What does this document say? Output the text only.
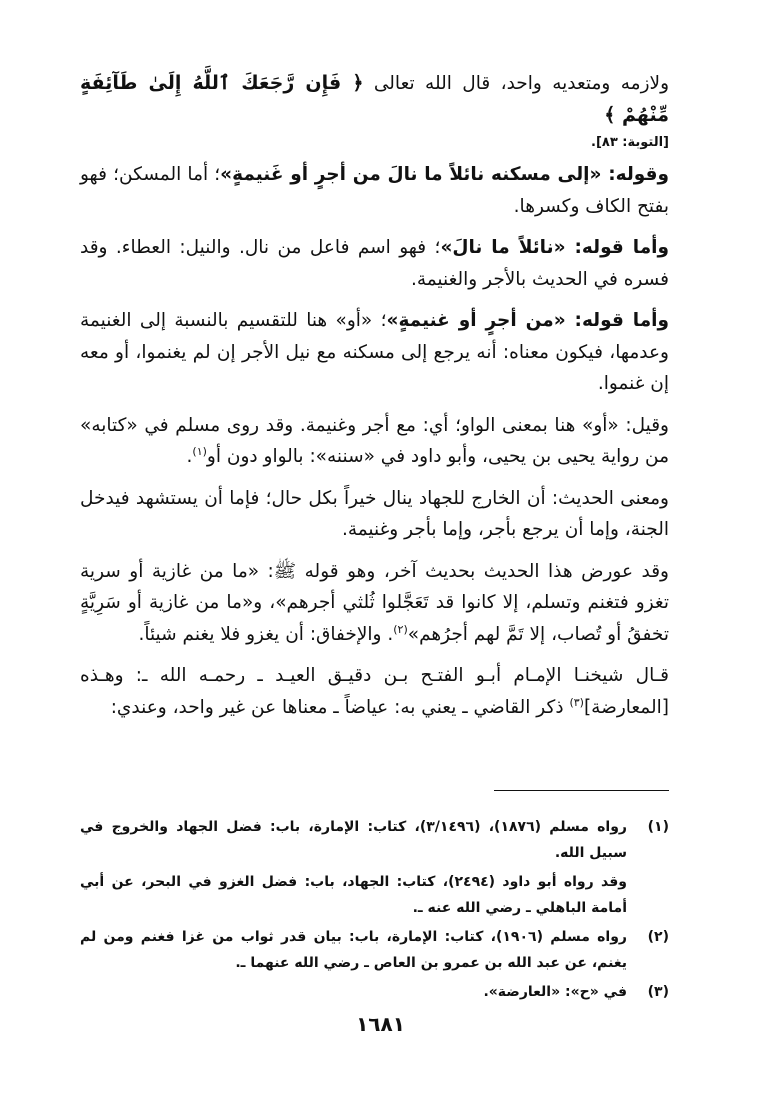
ولازمه ومتعديه واحد، قال الله تعالى ﴿ فَإِن رَّجَعَكَ ٱللَّهُ إِلَىٰ طَآئِفَةٍ مِّنْهُمْ ﴾
[التوبة: ٨٣].

وقوله: «إلى مسكنه نائلاً ما نالَ من أجرٍ أو غَنيمةٍ»؛ أما المسكن؛ فهو بفتح الكاف وكسرها.

وأما قوله: «نائلاً ما نالَ»؛ فهو اسم فاعل من نال. والنيل: العطاء. وقد فسره في الحديث بالأجر والغنيمة.

وأما قوله: «من أجرٍ أو غنيمةٍ»؛ «أو» هنا للتقسيم بالنسبة إلى الغنيمة وعدمها، فيكون معناه: أنه يرجع إلى مسكنه مع نيل الأجر إن لم يغنموا، أو معه إن غنموا.

وقيل: «أو» هنا بمعنى الواو؛ أي: مع أجر وغنيمة. وقد روى مسلم في «كتابه» من رواية يحيى بن يحيى، وأبو داود في «سننه»: بالواو دون أو$^{(١)}$.

ومعنى الحديث: أن الخارج للجهاد ينال خيراً بكل حال؛ فإما أن يستشهد فيدخل الجنة، وإما أن يرجع بأجر، وإما بأجر وغنيمة.

وقد عورض هذا الحديث بحديث آخر، وهو قوله ﷺ: «ما من غازية أو سرية تغزو فتغنم وتسلم، إلا كانوا قد تَعَجَّلوا ثُلثي أجرهم»، و«ما من غازية أو سَرِيَّةٍ تخفقُ أو تُصاب، إلا تَمَّ لهم أجرُهم»$^{(٢)}$. والإخفاق: أن يغزو فلا يغنم شيئاً.

قـال شيخنـا الإمـام أبـو الفتـح بـن دقيـق العيـد ـ رحمـه الله ـ: وهـذه [المعارضة]$^{(٣)}$ ذكر القاضي ـ يعني به: عياضاً ـ معناها عن غير واحد، وعندي:

(١)
رواه مسلم (١٨٧٦)، (٣/١٤٩٦)، كتاب: الإمارة، باب: فضل الجهاد والخروج في سبيل الله.
وقد رواه أبو داود (٢٤٩٤)، كتاب: الجهاد، باب: فضل الغزو في البحر، عن أبي أمامة الباهلي ـ رضي الله عنه ـ.
(٢)
رواه مسلم (١٩٠٦)، كتاب: الإمارة، باب: بيان قدر ثواب من غزا فغنم ومن لم يغنم، عن عبد الله بن عمرو بن العاص ـ رضي الله عنهما ـ.
(٣)
في «ح»: «العارضة».
١٦٨١
